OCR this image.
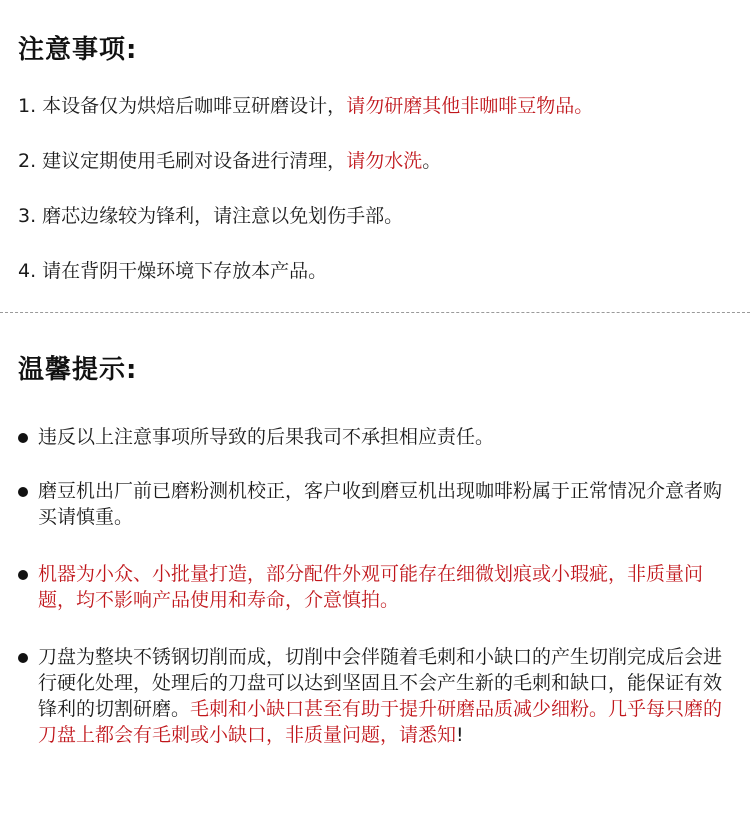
注意事项:
1. 本设备仅为烘焙后咖啡豆研磨设计，请勿研磨其他非咖啡豆物品。
2. 建议定期使用毛刷对设备进行清理，请勿水洗。
3. 磨芯边缘较为锋利，请注意以免划伤手部。
4. 请在背阴干燥环境下存放本产品。
温馨提示:
违反以上注意事项所导致的后果我司不承担相应责任。
磨豆机出厂前已磨粉测机校正，客户收到磨豆机出现咖啡粉属于正常情况介意者购买请慎重。
机器为小众、小批量打造，部分配件外观可能存在细微划痕或小瑕疵，非质量问题，均不影响产品使用和寿命，介意慎拍。
刀盘为整块不锈钢切削而成，切削中会伴随着毛刺和小缺口的产生切削完成后会进行硬化处理，处理后的刀盘可以达到坚固且不会产生新的毛刺和缺口，能保证有效锋利的切割研磨。毛刺和小缺口甚至有助于提升研磨品质减少细粉。几乎每只磨的刀盘上都会有毛刺或小缺口，非质量问题，请悉知!
